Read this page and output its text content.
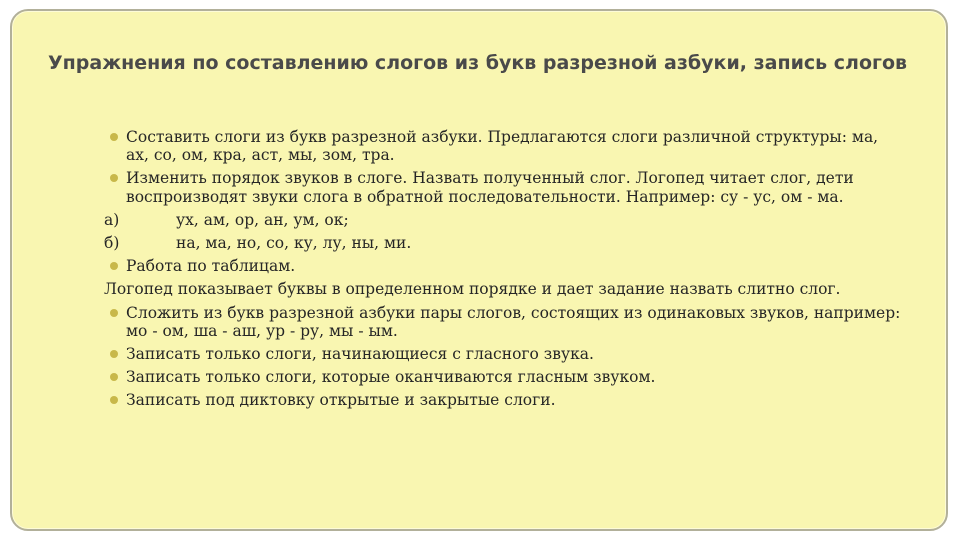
Упражнения по составлению слогов из букв разрезной азбуки, запись слогов
Составить слоги из букв разрезной азбуки. Предлагаются слоги различной структуры: ма, ах, со, ом, кра, аст, мы, зом, тра.
Изменить порядок звуков в слоге. Назвать полученный слог. Логопед читает слог, дети воспроизводят звуки слога в обратной последовательности. Например: су - ус, ом - ма.
а)	ух, ам, ор, ан, ум, ок;
б)	на, ма, но, со, ку, лу, ны, ми.
Работа по таблицам.
Логопед показывает буквы в определенном порядке и дает задание назвать слитно слог.
Сложить из букв разрезной азбуки пары слогов, состоящих из одинаковых звуков, например: мо - ом, ша - аш, ур - ру, мы - ым.
Записать только слоги, начинающиеся с гласного звука.
Записать только слоги, которые оканчиваются гласным звуком.
Записать под диктовку открытые и закрытые слоги.
